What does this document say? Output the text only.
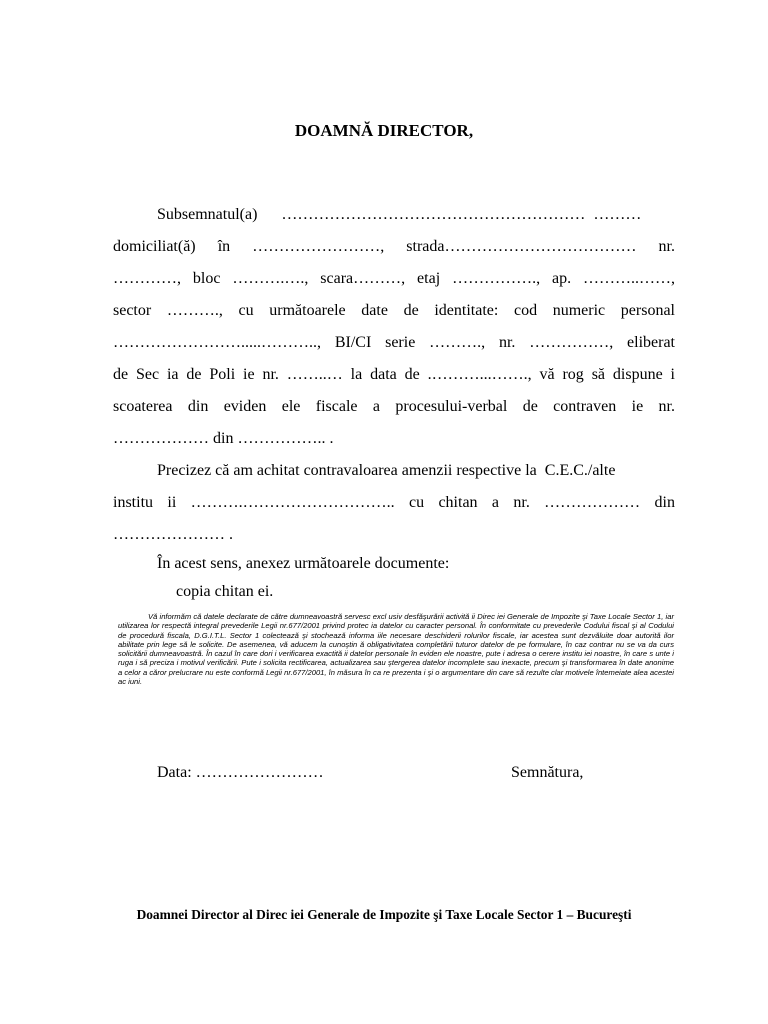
DOAMNĂ DIRECTOR,
Subsemnatul(a)      …………………………………………………  ………
domiciliat(ă) în ……………………, strada……………………………… nr.
…………, bloc ……….…., scara………, etaj ……………., ap. ………..……,
sector ………., cu următoarele date de identitate: cod numeric personal
…………………….....……….., BI/CI serie ………., nr. ……………, eliberat
de Sec ia de Poli ie nr. ……..… la data de .………...……., vă rog să dispune i
scoaterea din eviden ele fiscale a procesului-verbal de contraven ie nr.
……………… din …………….. .
Precizez că am achitat contravaloarea amenzii respective la  C.E.C./alte
institu ii ……….……………………….. cu chitan a nr. ……………… din
………………… .
În acest sens, anexez următoarele documente:
copia chitan ei.
Vă informăm că datele declarate de către dumneavoastră servesc excl usiv desfăşurării activită ii Direc iei Generale de Impozite şi Taxe Locale Sector 1, iar utilizarea lor respectă integral prevederile Legii nr.677/2001 privind protec ia datelor cu caracter personal. În conformitate cu prevederile Codului fiscal şi al Codului de procedură fiscala, D.G.I.T.L. Sector 1 colectează şi stochează informa iile necesare deschiderii rolurilor fiscale, iar acestea sunt dezvăluite doar autorită ilor abilitate prin lege să le solicite. De asemenea, vă aducem la cunoştin ă obligativitatea completării tuturor datelor de pe formulare, în caz contrar nu se va da curs solicitării dumneavoastră. În cazul în care dori i verificarea exactită ii datelor personale în eviden ele noastre, pute i adresa o cerere institu iei noastre, în care s unte i ruga i să preciza i motivul verificării. Pute i solicita rectificarea, actualizarea sau ştergerea datelor incomplete sau inexacte, precum şi transformarea în date anonime a celor a căror prelucrare nu este conformă Legii nr.677/2001, în măsura în ca re prezenta i şi o argumentare din care să rezulte clar motivele întemeiate alea acestei ac iuni.
Data: ……………………	Semnătura,
Doamnei Director al Direc iei Generale de Impozite şi Taxe Locale Sector 1 – Bucureşti
